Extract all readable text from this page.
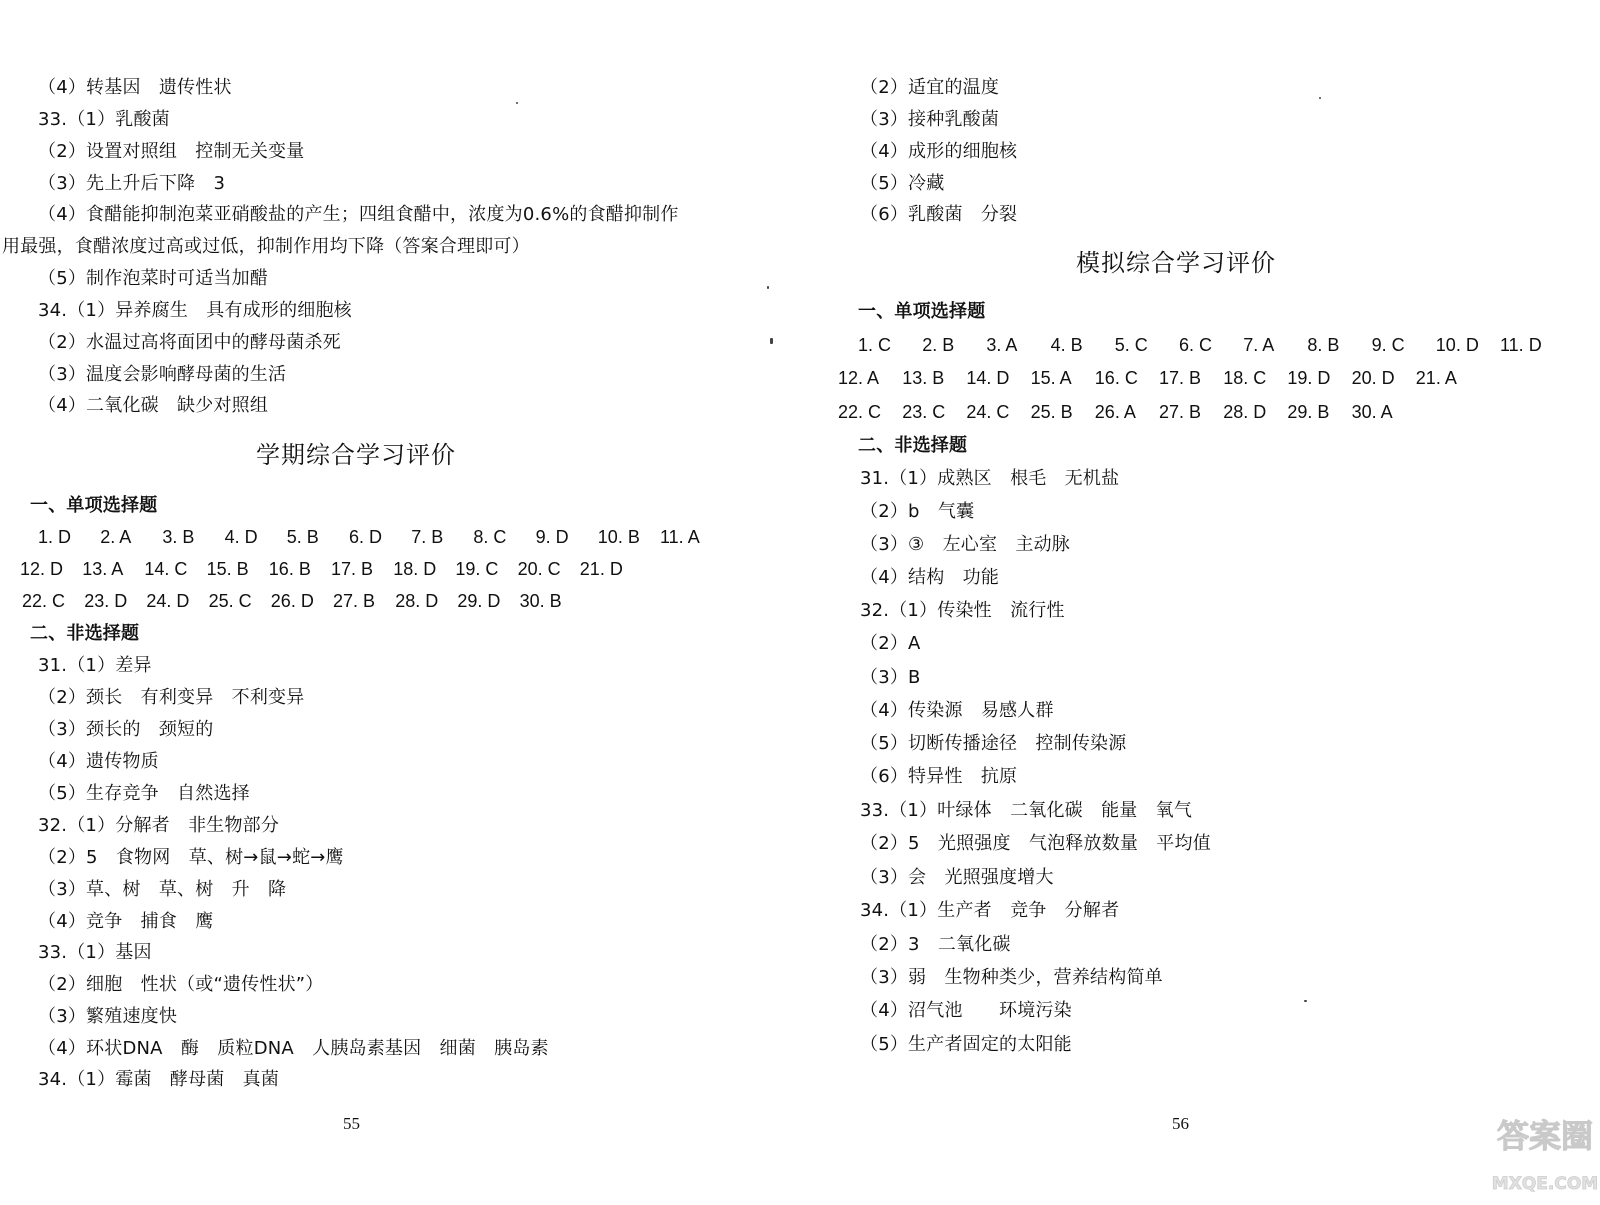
（4）转基因　遗传性状
33.（1）乳酸菌
（2）设置对照组　控制无关变量
（3）先上升后下降　3
（4）食醋能抑制泡菜亚硝酸盐的产生；四组食醋中，浓度为0.6%的食醋抑制作
用最强，食醋浓度过高或过低，抑制作用均下降（答案合理即可）
（5）制作泡菜时可适当加醋
34.（1）异养腐生　具有成形的细胞核
（2）水温过高将面团中的酵母菌杀死
（3）温度会影响酵母菌的生活
（4）二氧化碳　缺少对照组
学期综合学习评价
一、单项选择题
1. D 2. A 3. B 4. D 5. B 6. D 7. B 8. C 9. D 10. B 11. A
12. D 13. A 14. C 15. B 16. B 17. B 18. D 19. C 20. C 21. D
22. C 23. D 24. D 25. C 26. D 27. B 28. D 29. D 30. B
二、非选择题
31.（1）差异
（2）颈长　有利变异　不利变异
（3）颈长的　颈短的
（4）遗传物质
（5）生存竞争　自然选择
32.（1）分解者　非生物部分
（2）5　食物网　草、树→鼠→蛇→鹰
（3）草、树　草、树　升　降
（4）竞争　捕食　鹰
33.（1）基因
（2）细胞　性状（或“遗传性状”）
（3）繁殖速度快
（4）环状DNA　酶　质粒DNA　人胰岛素基因　细菌　胰岛素
34.（1）霉菌　酵母菌　真菌
55
（2）适宜的温度
（3）接种乳酸菌
（4）成形的细胞核
（5）冷藏
（6）乳酸菌　分裂
模拟综合学习评价
一、单项选择题
1. C 2. B 3. A 4. B 5. C 6. C 7. A 8. B 9. C 10. D 11. D
12. A 13. B 14. D 15. A 16. C 17. B 18. C 19. D 20. D 21. A
22. C 23. C 24. C 25. B 26. A 27. B 28. D 29. B 30. A
二、非选择题
31.（1）成熟区　根毛　无机盐
（2）b　气囊
（3）③　左心室　主动脉
（4）结构　功能
32.（1）传染性　流行性
（2）A
（3）B
（4）传染源　易感人群
（5）切断传播途径　控制传染源
（6）特异性　抗原
33.（1）叶绿体　二氧化碳　能量　氧气
（2）5　光照强度　气泡释放数量　平均值
（3）会　光照强度增大
34.（1）生产者　竞争　分解者
（2）3　二氧化碳
（3）弱　生物种类少，营养结构简单
（4）沼气池　　环境污染
（5）生产者固定的太阳能
56	答案圈
MXQE.COM
